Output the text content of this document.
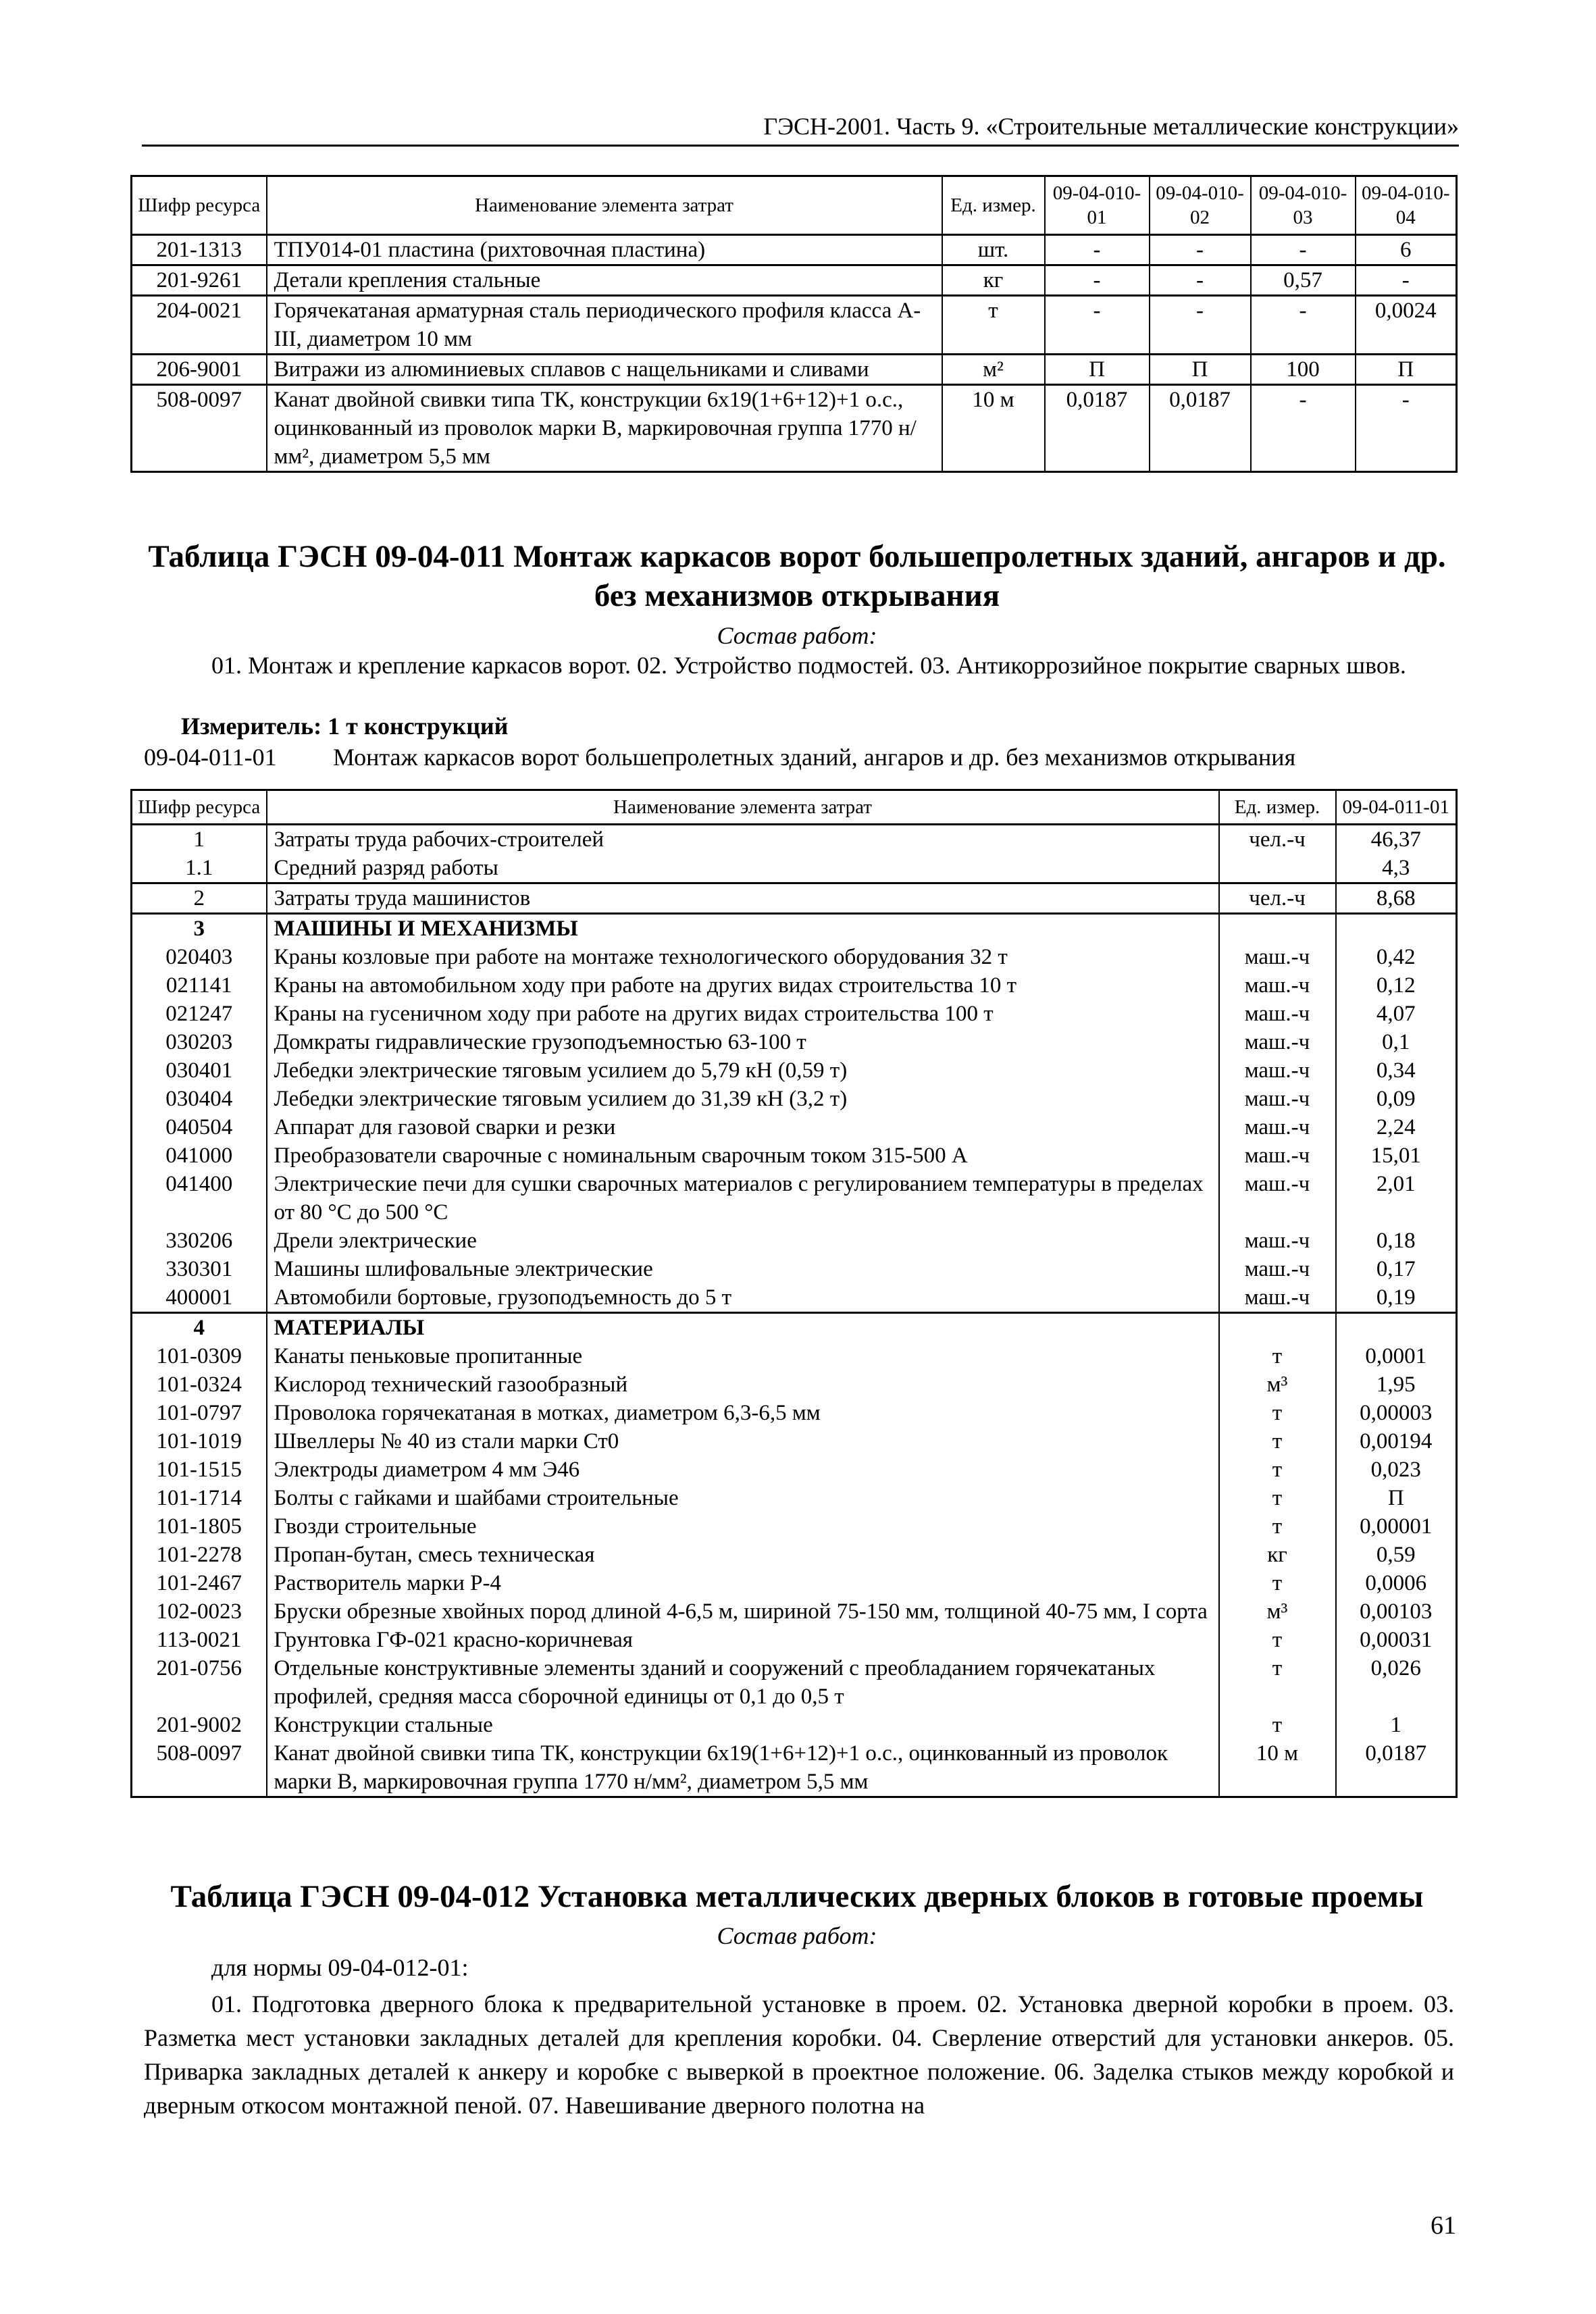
ГЭСН-2001. Часть 9. «Строительные металлические конструкции»
Шифр ресурса	Наименование элемента затрат	Ед. измер.	09-04-010-01	09-04-010-02	09-04-010-03	09-04-010-04
201-1313	ТПУ014-01 пластина (рихтовочная пластина)	шт.	-	-	-	6
201-9261	Детали крепления стальные	кг	-	-	0,57	-
204-0021	Горячекатаная арматурная сталь периодического профиля класса А-III, диаметром 10 мм	т	-	-	-	0,0024
206-9001	Витражи из алюминиевых сплавов с нащельниками и сливами	м²	П	П	100	П
508-0097	Канат двойной свивки типа ТК, конструкции 6х19(1+6+12)+1 о.с., оцинкованный из проволок марки В, маркировочная группа 1770 н/мм², диаметром 5,5 мм	10 м	0,0187	0,0187	-	-
Таблица ГЭСН 09-04-011 Монтаж каркасов ворот большепролетных зданий, ангаров и др. без механизмов открывания
Состав работ:
01. Монтаж и крепление каркасов ворот. 02. Устройство подмостей. 03. Антикоррозийное покрытие сварных швов.
Измеритель: 1 т конструкций
09-04-011-01 Монтаж каркасов ворот большепролетных зданий, ангаров и др. без механизмов открывания
Шифр ресурса	Наименование элемента затрат	Ед. измер.	09-04-011-01
1	Затраты труда рабочих-строителей	чел.-ч	46,37
1.1	Средний разряд работы		4,3
2	Затраты труда машинистов	чел.-ч	8,68
3	МАШИНЫ И МЕХАНИЗМЫ		
020403	Краны козловые при работе на монтаже технологического оборудования 32 т	маш.-ч	0,42
021141	Краны на автомобильном ходу при работе на других видах строительства 10 т	маш.-ч	0,12
021247	Краны на гусеничном ходу при работе на других видах строительства 100 т	маш.-ч	4,07
030203	Домкраты гидравлические грузоподъемностью 63-100 т	маш.-ч	0,1
030401	Лебедки электрические тяговым усилием до 5,79 кН (0,59 т)	маш.-ч	0,34
030404	Лебедки электрические тяговым усилием до 31,39 кН (3,2 т)	маш.-ч	0,09
040504	Аппарат для газовой сварки и резки	маш.-ч	2,24
041000	Преобразователи сварочные с номинальным сварочным током 315-500 А	маш.-ч	15,01
041400	Электрические печи для сушки сварочных материалов с регулированием температуры в пределах от 80 °С до 500 °С	маш.-ч	2,01
330206	Дрели электрические	маш.-ч	0,18
330301	Машины шлифовальные электрические	маш.-ч	0,17
400001	Автомобили бортовые, грузоподъемность до 5 т	маш.-ч	0,19
4	МАТЕРИАЛЫ		
101-0309	Канаты пеньковые пропитанные	т	0,0001
101-0324	Кислород технический газообразный	м³	1,95
101-0797	Проволока горячекатаная в мотках, диаметром 6,3-6,5 мм	т	0,00003
101-1019	Швеллеры № 40 из стали марки Ст0	т	0,00194
101-1515	Электроды диаметром 4 мм Э46	т	0,023
101-1714	Болты с гайками и шайбами строительные	т	П
101-1805	Гвозди строительные	т	0,00001
101-2278	Пропан-бутан, смесь техническая	кг	0,59
101-2467	Растворитель марки Р-4	т	0,0006
102-0023	Бруски обрезные хвойных пород длиной 4-6,5 м, шириной 75-150 мм, толщиной 40-75 мм, I сорта	м³	0,00103
113-0021	Грунтовка ГФ-021 красно-коричневая	т	0,00031
201-0756	Отдельные конструктивные элементы зданий и сооружений с преобладанием горячекатаных профилей, средняя масса сборочной единицы от 0,1 до 0,5 т	т	0,026
201-9002	Конструкции стальные	т	1
508-0097	Канат двойной свивки типа ТК, конструкции 6х19(1+6+12)+1 о.с., оцинкованный из проволок марки В, маркировочная группа 1770 н/мм², диаметром 5,5 мм	10 м	0,0187
Таблица ГЭСН 09-04-012 Установка металлических дверных блоков в готовые проемы
Состав работ:
для нормы 09-04-012-01:
01. Подготовка дверного блока к предварительной установке в проем. 02. Установка дверной коробки в проем. 03. Разметка мест установки закладных деталей для крепления коробки. 04. Сверление отверстий для установки анкеров. 05. Приварка закладных деталей к анкеру и коробке с выверкой в проектное положение. 06. Заделка стыков между коробкой и дверным откосом монтажной пеной. 07. Навешивание дверного полотна на
61
